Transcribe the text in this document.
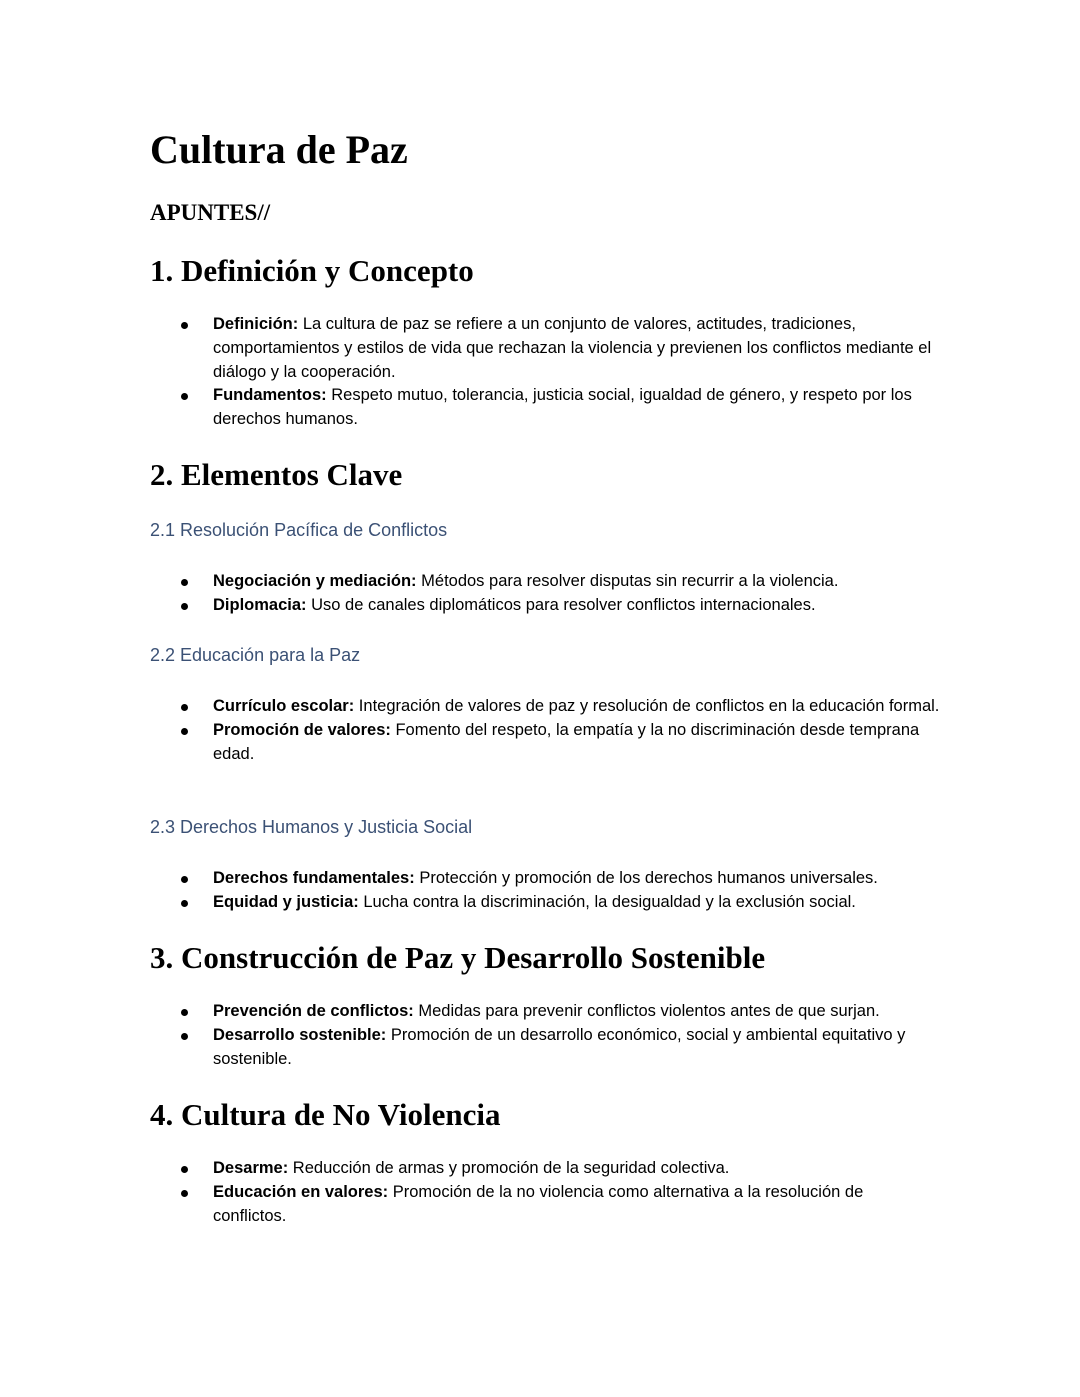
Cultura de Paz
APUNTES//
1. Definición y Concepto
Definición: La cultura de paz se refiere a un conjunto de valores, actitudes, tradiciones, comportamientos y estilos de vida que rechazan la violencia y previenen los conflictos mediante el diálogo y la cooperación.
Fundamentos: Respeto mutuo, tolerancia, justicia social, igualdad de género, y respeto por los derechos humanos.
2. Elementos Clave
2.1 Resolución Pacífica de Conflictos
Negociación y mediación: Métodos para resolver disputas sin recurrir a la violencia.
Diplomacia: Uso de canales diplomáticos para resolver conflictos internacionales.
2.2 Educación para la Paz
Currículo escolar: Integración de valores de paz y resolución de conflictos en la educación formal.
Promoción de valores: Fomento del respeto, la empatía y la no discriminación desde temprana edad.
2.3 Derechos Humanos y Justicia Social
Derechos fundamentales: Protección y promoción de los derechos humanos universales.
Equidad y justicia: Lucha contra la discriminación, la desigualdad y la exclusión social.
3. Construcción de Paz y Desarrollo Sostenible
Prevención de conflictos: Medidas para prevenir conflictos violentos antes de que surjan.
Desarrollo sostenible: Promoción de un desarrollo económico, social y ambiental equitativo y sostenible.
4. Cultura de No Violencia
Desarme: Reducción de armas y promoción de la seguridad colectiva.
Educación en valores: Promoción de la no violencia como alternativa a la resolución de conflictos.
